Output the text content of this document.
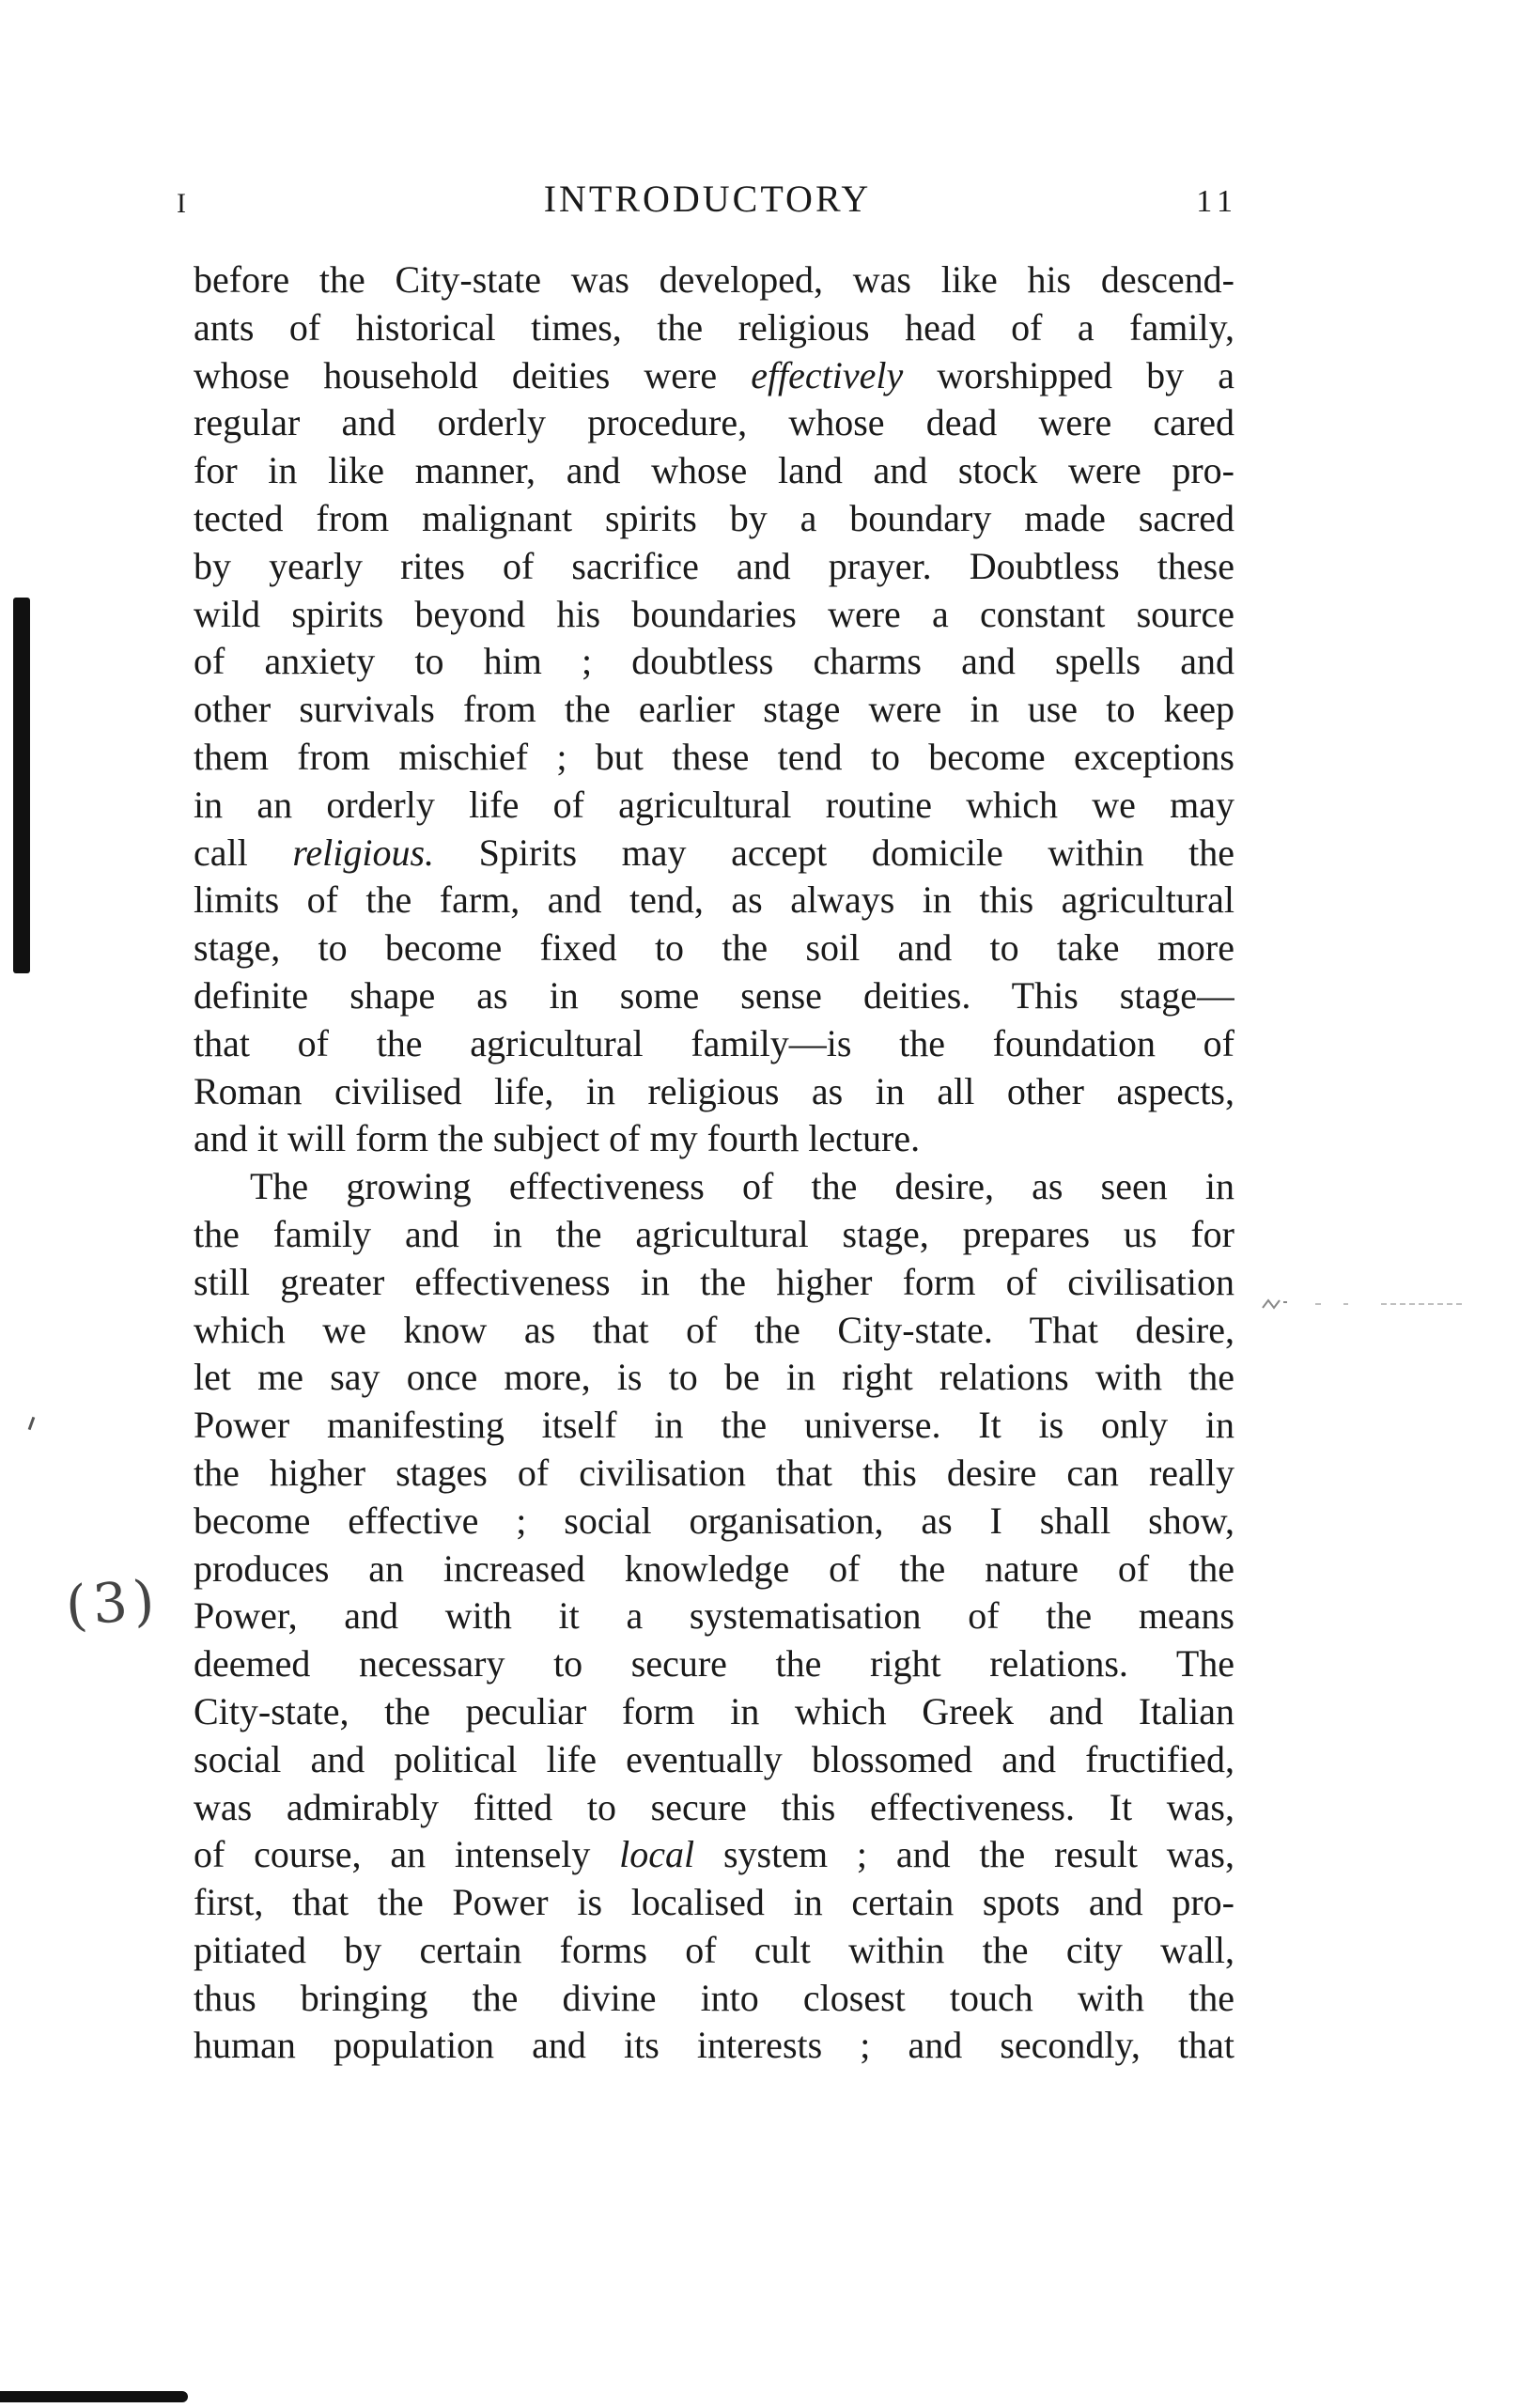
I	INTRODUCTORY	11
before the City-state was developed, was like his descend-
ants of historical times, the religious head of a family,
whose household deities were effectively worshipped by a
regular and orderly procedure, whose dead were cared
for in like manner, and whose land and stock were pro-
tected from malignant spirits by a boundary made sacred
by yearly rites of sacrifice and prayer. Doubtless these
wild spirits beyond his boundaries were a constant source
of anxiety to him ; doubtless charms and spells and
other survivals from the earlier stage were in use to keep
them from mischief ; but these tend to become exceptions
in an orderly life of agricultural routine which we may
call religious. Spirits may accept domicile within the
limits of the farm, and tend, as always in this agricultural
stage, to become fixed to the soil and to take more
definite shape as in some sense deities. This stage—
that of the agricultural family—is the foundation of
Roman civilised life, in religious as in all other aspects,
and it will form the subject of my fourth lecture.
The growing effectiveness of the desire, as seen in
the family and in the agricultural stage, prepares us for
still greater effectiveness in the higher form of civilisation
which we know as that of the City-state. That desire,
let me say once more, is to be in right relations with the
Power manifesting itself in the universe. It is only in
the higher stages of civilisation that this desire can really
become effective ; social organisation, as I shall show,
produces an increased knowledge of the nature of the
Power, and with it a systematisation of the means
deemed necessary to secure the right relations. The
City-state, the peculiar form in which Greek and Italian
social and political life eventually blossomed and fructified,
was admirably fitted to secure this effectiveness. It was,
of course, an intensely local system ; and the result was,
first, that the Power is localised in certain spots and pro-
pitiated by certain forms of cult within the city wall,
thus bringing the divine into closest touch with the
human population and its interests ; and secondly, that
(3)
